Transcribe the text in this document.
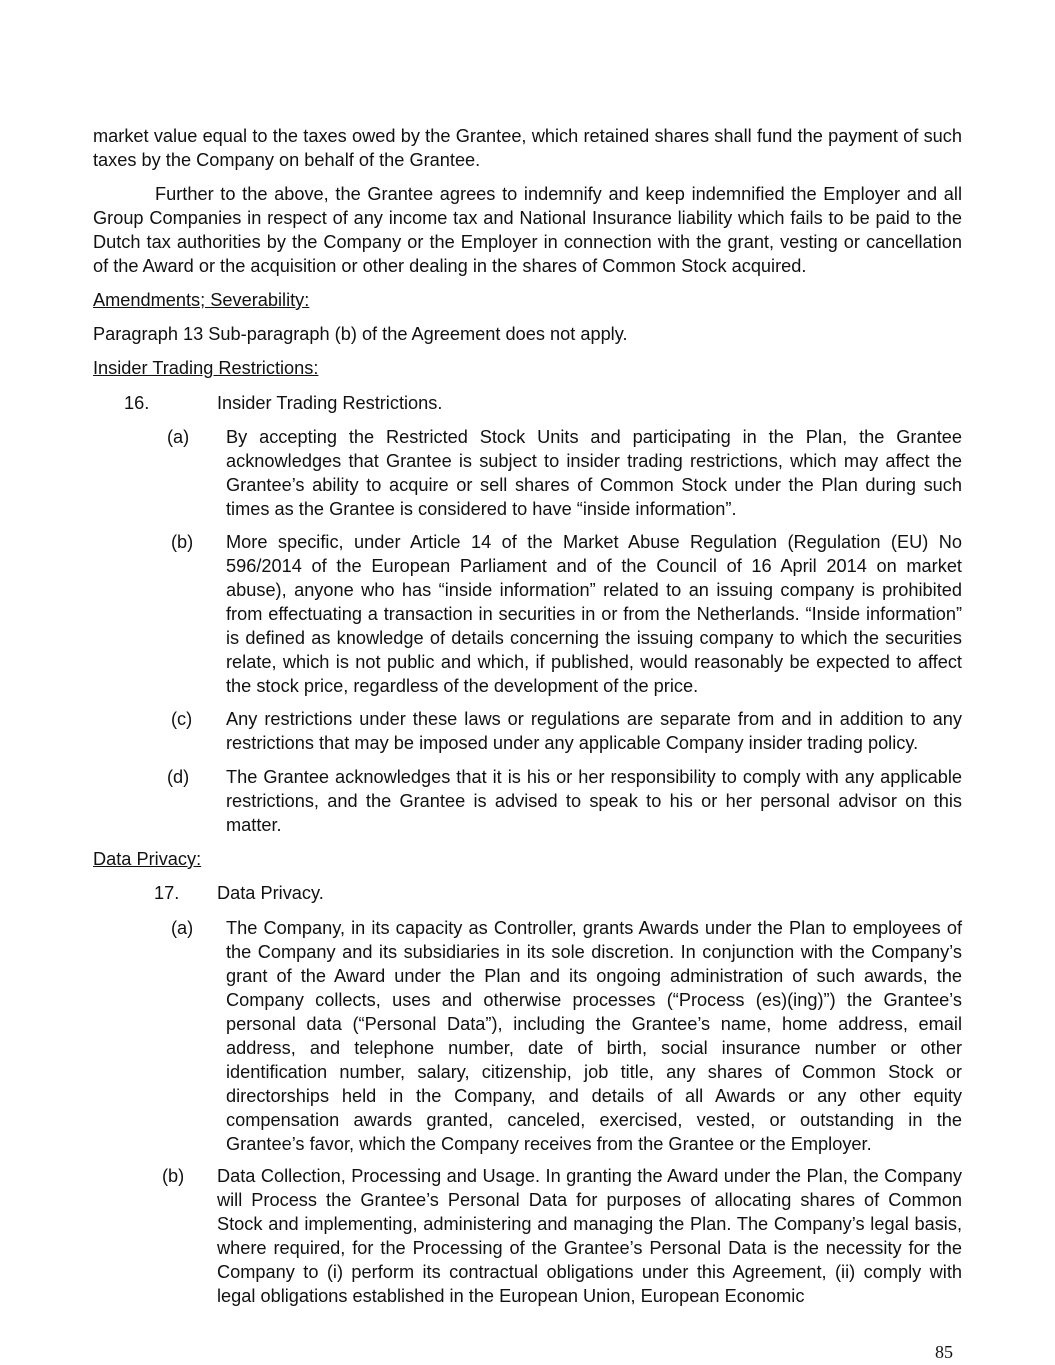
market value equal to the taxes owed by the Grantee, which retained shares shall fund the payment of such taxes by the Company on behalf of the Grantee.

Further to the above, the Grantee agrees to indemnify and keep indemnified the Employer and all Group Companies in respect of any income tax and National Insurance liability which fails to be paid to the Dutch tax authorities by the Company or the Employer in connection with the grant, vesting or cancellation of the Award or the acquisition or other dealing in the shares of Common Stock acquired.

Amendments; Severability:

Paragraph 13 Sub-paragraph (b) of the Agreement does not apply.

Insider Trading Restrictions:

16.	Insider Trading Restrictions.

(a) By accepting the Restricted Stock Units and participating in the Plan, the Grantee acknowledges that Grantee is subject to insider trading restrictions, which may affect the Grantee’s ability to acquire or sell shares of Common Stock under the Plan during such times as the Grantee is considered to have “inside information”.

(b) More specific, under Article 14 of the Market Abuse Regulation (Regulation (EU) No 596/2014 of the European Parliament and of the Council of 16 April 2014 on market abuse), anyone who has “inside information” related to an issuing company is prohibited from effectuating a transaction in securities in or from the Netherlands. “Inside information” is defined as knowledge of details concerning the issuing company to which the securities relate, which is not public and which, if published, would reasonably be expected to affect the stock price, regardless of the development of the price.

(c) Any restrictions under these laws or regulations are separate from and in addition to any restrictions that may be imposed under any applicable Company insider trading policy.

(d) The Grantee acknowledges that it is his or her responsibility to comply with any applicable restrictions, and the Grantee is advised to speak to his or her personal advisor on this matter.

Data Privacy:

17. Data Privacy.

(a) The Company, in its capacity as Controller, grants Awards under the Plan to employees of the Company and its subsidiaries in its sole discretion. In conjunction with the Company’s grant of the Award under the Plan and its ongoing administration of such awards, the Company collects, uses and otherwise processes (“Process (es)(ing)”) the Grantee’s personal data (“Personal Data”), including the Grantee’s name, home address, email address, and telephone number, date of birth, social insurance number or other identification number, salary, citizenship, job title, any shares of Common Stock or directorships held in the Company, and details of all Awards or any other equity compensation awards granted, canceled, exercised, vested, or outstanding in the Grantee’s favor, which the Company receives from the Grantee or the Employer.

(b) Data Collection, Processing and Usage. In granting the Award under the Plan, the Company will Process the Grantee’s Personal Data for purposes of allocating shares of Common Stock and implementing, administering and managing the Plan. The Company’s legal basis, where required, for the Processing of the Grantee’s Personal Data is the necessity for the Company to (i) perform its contractual obligations under this Agreement, (ii) comply with legal obligations established in the European Union, European Economic

85
